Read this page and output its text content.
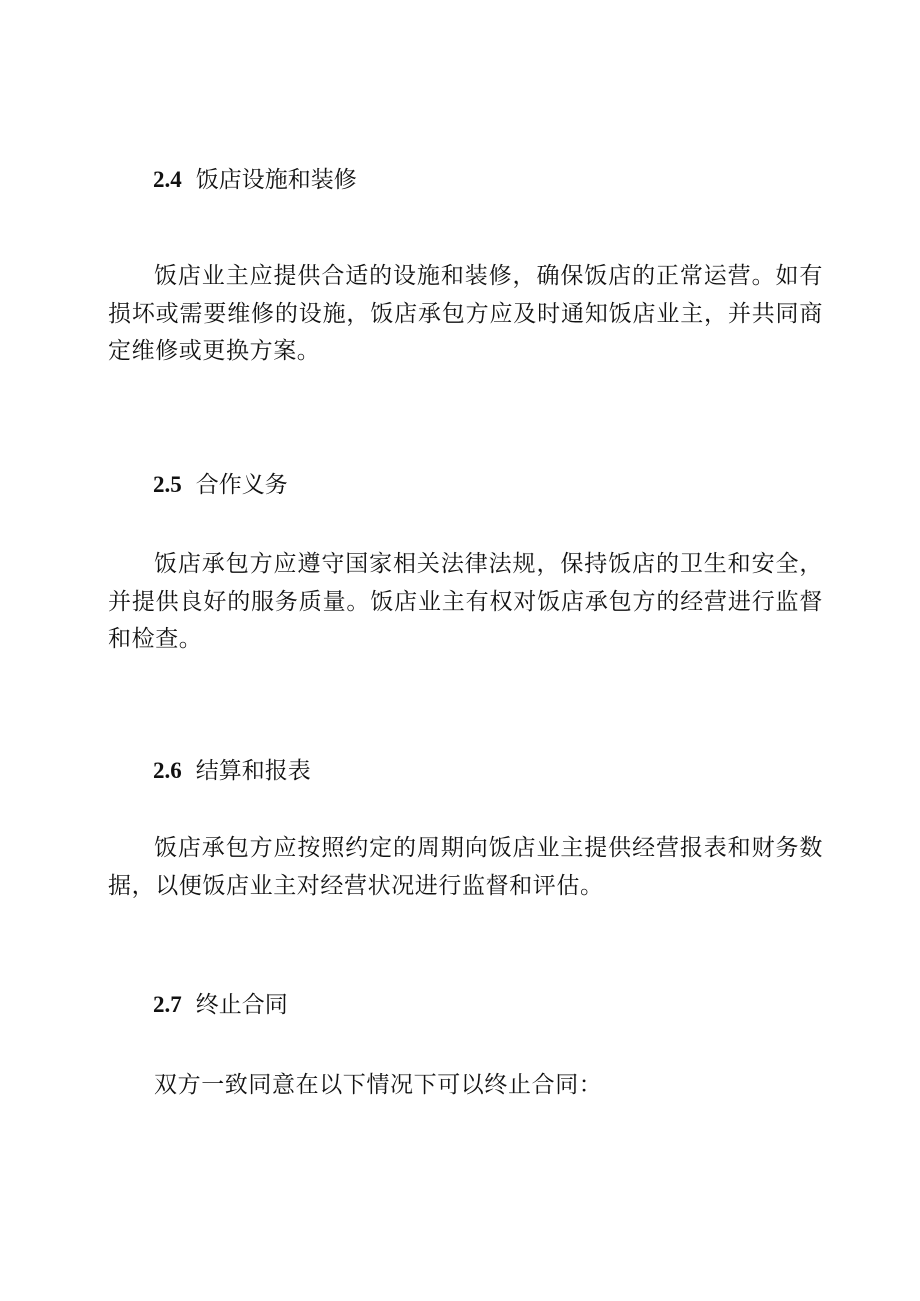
2.4 饭店设施和装修
饭店业主应提供合适的设施和装修，确保饭店的正常运营。如有损坏或需要维修的设施，饭店承包方应及时通知饭店业主，并共同商定维修或更换方案。
2.5 合作义务
饭店承包方应遵守国家相关法律法规，保持饭店的卫生和安全，并提供良好的服务质量。饭店业主有权对饭店承包方的经营进行监督和检查。
2.6 结算和报表
饭店承包方应按照约定的周期向饭店业主提供经营报表和财务数据，以便饭店业主对经营状况进行监督和评估。
2.7 终止合同
双方一致同意在以下情况下可以终止合同：
